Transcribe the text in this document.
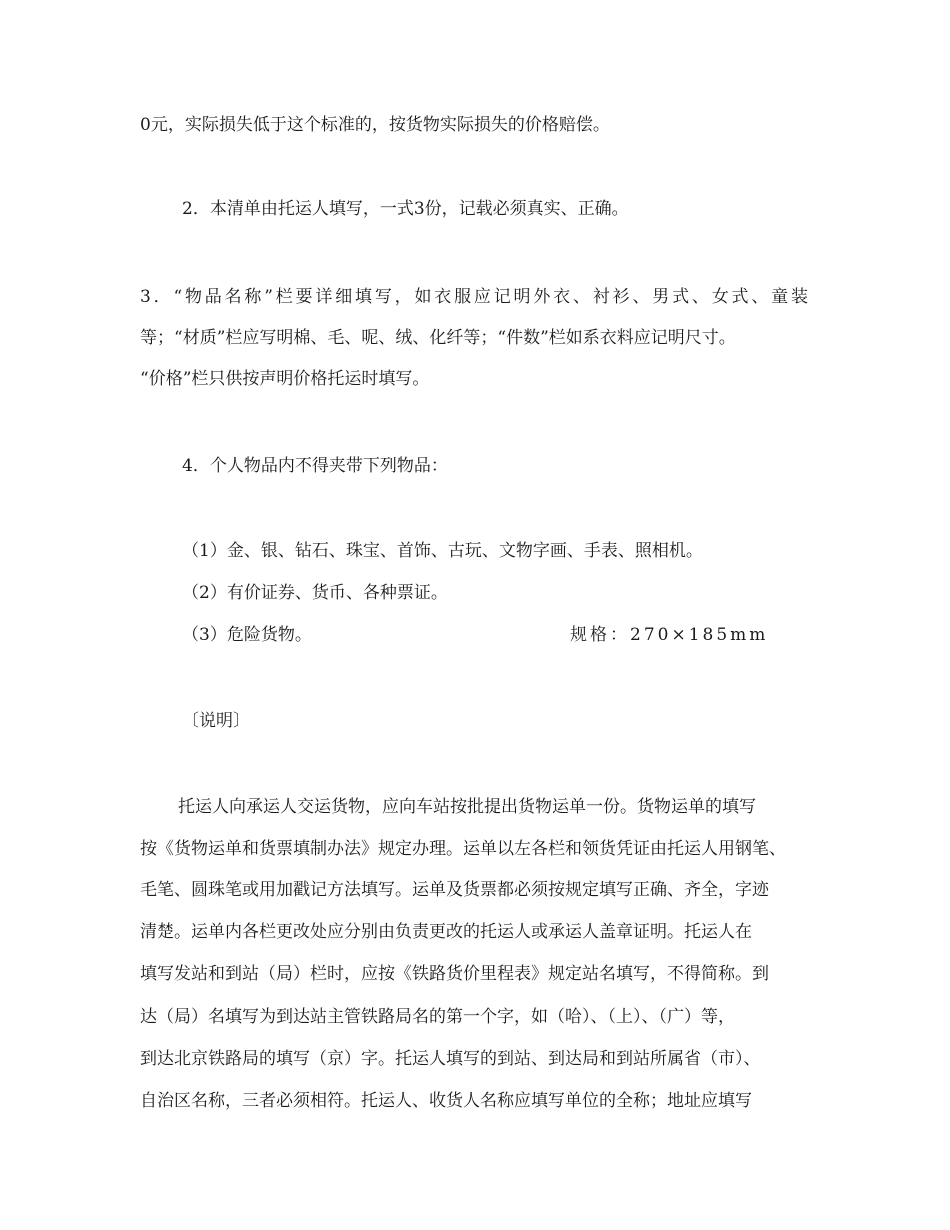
0元，实际损失低于这个标准的，按货物实际损失的价格赔偿。

2．本清单由托运人填写，一式3份，记载必须真实、正确。

3．“物品名称”栏要详细填写，如衣服应记明外衣、衬衫、男式、女式、童装

等；“材质”栏应写明棉、毛、呢、绒、化纤等；“件数”栏如系衣料应记明尺寸。

“价格”栏只供按声明价格托运时填写。

4．个人物品内不得夹带下列物品：

（1）金、银、钻石、珠宝、首饰、古玩、文物字画、手表、照相机。

（2）有价证券、货币、各种票证。

（3）危险货物。	规格：270×185mm

〔说明〕

托运人向承运人交运货物，应向车站按批提出货物运单一份。货物运单的填写

按《货物运单和货票填制办法》规定办理。运单以左各栏和领货凭证由托运人用钢笔、

毛笔、圆珠笔或用加戳记方法填写。运单及货票都必须按规定填写正确、齐全，字迹

清楚。运单内各栏更改处应分别由负责更改的托运人或承运人盖章证明。托运人在

填写发站和到站（局）栏时，应按《铁路货价里程表》规定站名填写，不得简称。到

达（局）名填写为到达站主管铁路局名的第一个字，如（哈）、（上）、（广）等，

到达北京铁路局的填写（京）字。托运人填写的到站、到达局和到站所属省（市）、

自治区名称，三者必须相符。托运人、收货人名称应填写单位的全称；地址应填写
